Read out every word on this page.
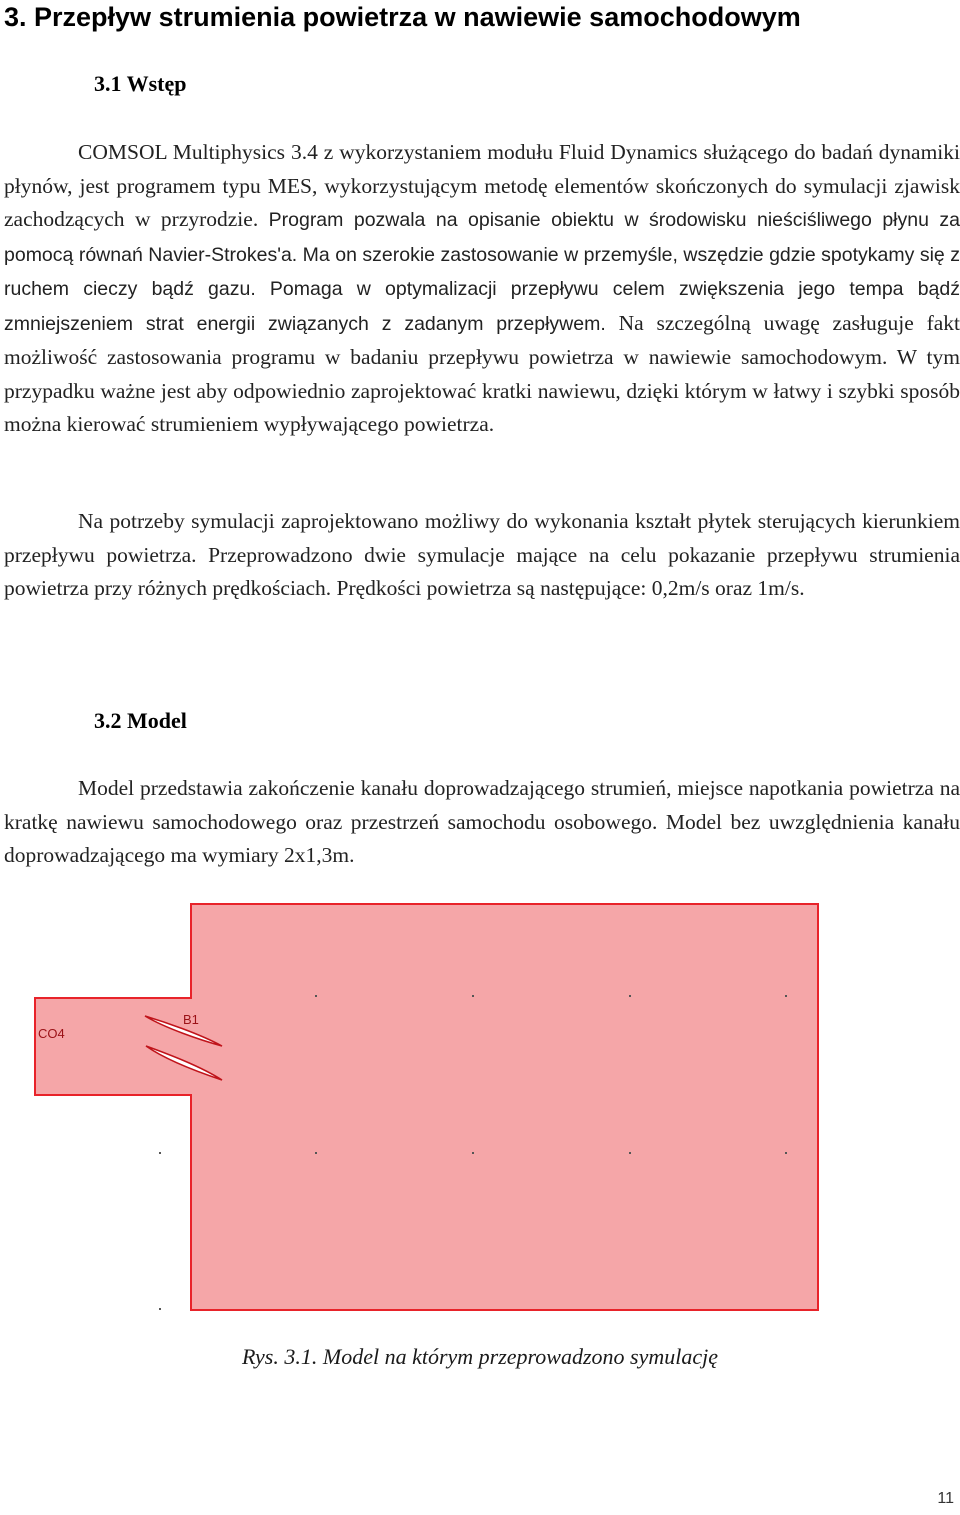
3. Przepływ strumienia powietrza w nawiewie samochodowym
3.1 Wstęp

COMSOL Multiphysics 3.4 z wykorzystaniem modułu Fluid Dynamics służącego do badań dynamiki płynów, jest programem typu MES, wykorzystującym metodę elementów skończonych do symulacji zjawisk zachodzących w przyrodzie. Program pozwala na opisanie obiektu w środowisku nieściśliwego płynu za pomocą równań Navier-Strokes'a. Ma on szerokie zastosowanie w przemyśle, wszędzie gdzie spotykamy się z ruchem cieczy bądź gazu. Pomaga w optymalizacji przepływu celem zwiększenia jego tempa bądź zmniejszeniem strat energii związanych z zadanym przepływem. Na szczególną uwagę zasługuje fakt możliwość zastosowania programu w badaniu przepływu powietrza w nawiewie samochodowym. W tym przypadku ważne jest aby odpowiednio zaprojektować kratki nawiewu, dzięki którym w łatwy i szybki sposób można kierować strumieniem wypływającego powietrza.

Na potrzeby symulacji zaprojektowano możliwy do wykonania kształt płytek sterujących kierunkiem przepływu powietrza. Przeprowadzono dwie symulacje mające na celu pokazanie przepływu strumienia powietrza przy różnych prędkościach. Prędkości powietrza są następujące: 0,2m/s oraz 1m/s.

3.2 Model

Model przedstawia zakończenie kanału doprowadzającego strumień, miejsce napotkania powietrza na kratkę nawiewu samochodowego oraz przestrzeń samochodu osobowego. Model bez uwzględnienia kanału doprowadzającego ma wymiary 2x1,3m.

CO4
B1
Rys. 3.1. Model na którym przeprowadzono symulację
11
